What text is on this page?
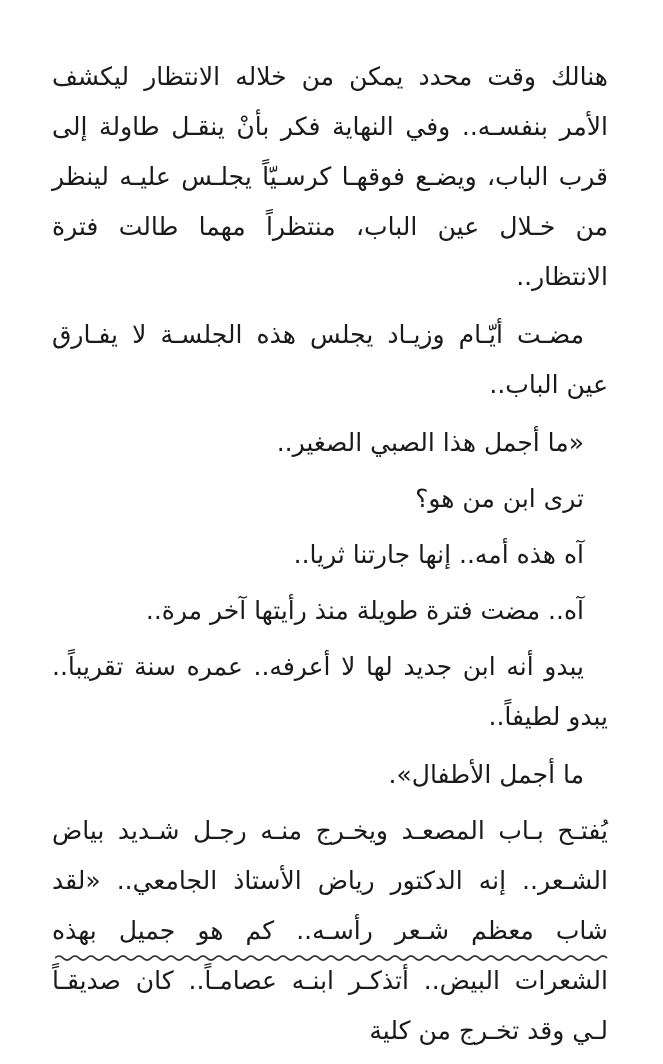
هنالك وقت محدد يمكن من خلاله الانتظار ليكشف الأمر بنفسـه.. وفي النهاية فكر بأنْ ينقـل طاولة إلى قرب الباب، ويضـع فوقهـا كرسـيّاً يجلـس عليـه لينظر من خـلال عين الباب، منتظراً مهما طالت فترة الانتظار..

مضـت أيّـام وزيـاد يجلس هذه الجلسـة لا يفـارق عين الباب..

«ما أجمل هذا الصبي الصغير..

ترى ابن من هو؟

آه هذه أمه.. إنها جارتنا ثريا..

آه.. مضت فترة طويلة منذ رأيتها آخر مرة..

يبدو أنه ابن جديد لها لا أعرفه.. عمره سنة تقريباً.. يبدو لطيفاً..

ما أجمل الأطفال».

يُفتـح بـاب المصعـد ويخـرج منـه رجـل شـديد بياض الشـعر.. إنه الدكتور رياض الأستاذ الجامعي.. «لقد شاب معظم شـعر رأسـه.. كم هو جميل بهذه الشعرات البيض.. أتذكـر ابنـه عصامـاً.. كان صديقـاً لـي وقد تخـرج من كلية
